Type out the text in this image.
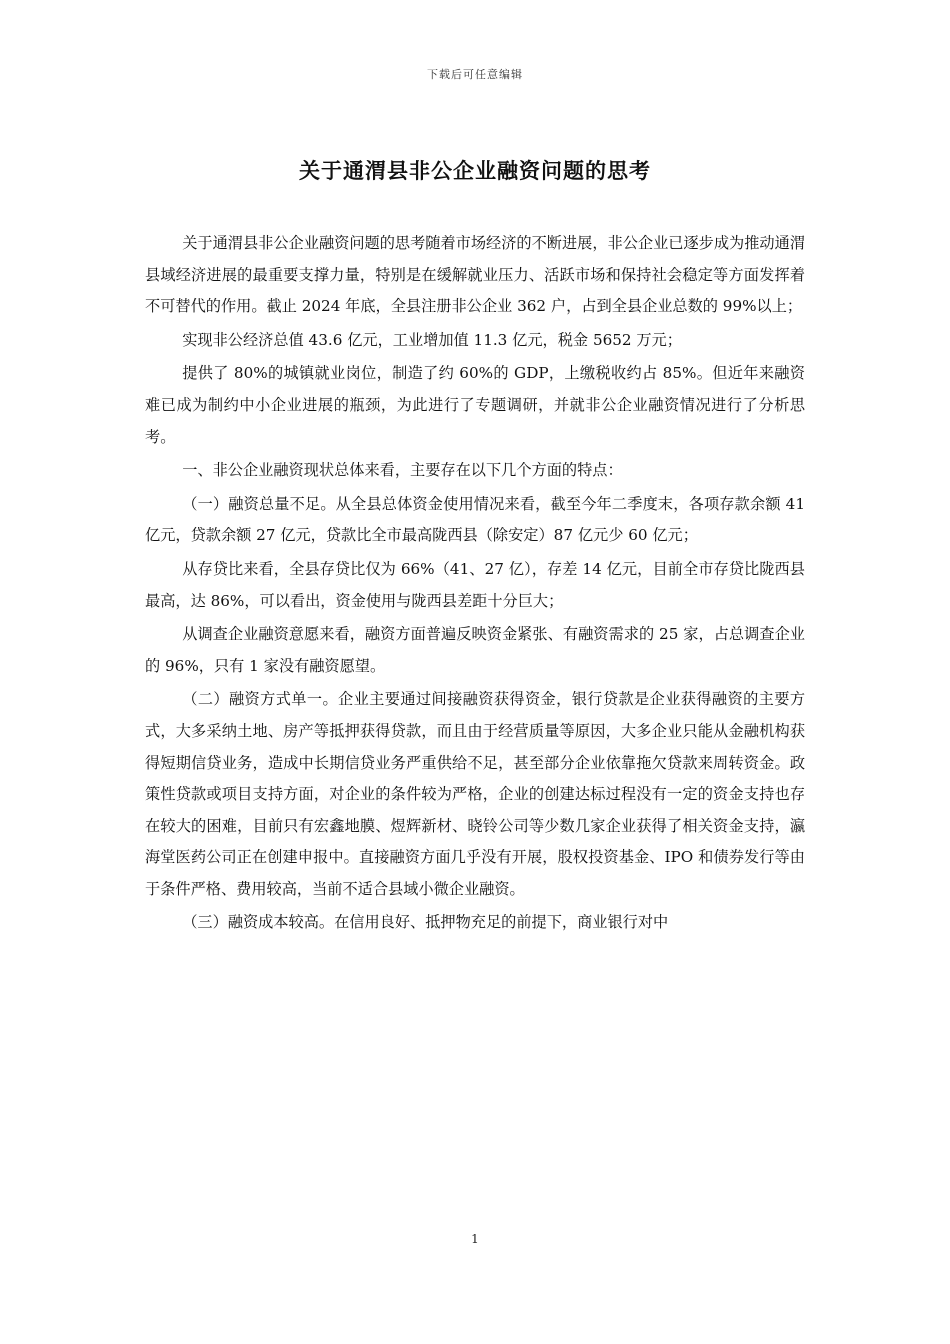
下载后可任意编辑
关于通渭县非公企业融资问题的思考

关于通渭县非公企业融资问题的思考随着市场经济的不断进展，非公企业已逐步成为推动通渭县域经济进展的最重要支撑力量，特别是在缓解就业压力、活跃市场和保持社会稳定等方面发挥着不可替代的作用。截止 2024 年底，全县注册非公企业 362 户，占到全县企业总数的 99%以上；

实现非公经济总值 43.6 亿元，工业增加值 11.3 亿元，税金 5652 万元；

提供了 80%的城镇就业岗位，制造了约 60%的 GDP，上缴税收约占 85%。但近年来融资难已成为制约中小企业进展的瓶颈，为此进行了专题调研，并就非公企业融资情况进行了分析思考。

一、非公企业融资现状总体来看，主要存在以下几个方面的特点：

（一）融资总量不足。从全县总体资金使用情况来看，截至今年二季度末，各项存款余额 41 亿元，贷款余额 27 亿元，贷款比全市最高陇西县（除安定）87 亿元少 60 亿元；

从存贷比来看，全县存贷比仅为 66%（41、27 亿），存差 14 亿元，目前全市存贷比陇西县最高，达 86%，可以看出，资金使用与陇西县差距十分巨大；

从调查企业融资意愿来看，融资方面普遍反映资金紧张、有融资需求的 25 家，占总调查企业的 96%，只有 1 家没有融资愿望。

（二）融资方式单一。企业主要通过间接融资获得资金，银行贷款是企业获得融资的主要方式，大多采纳土地、房产等抵押获得贷款，而且由于经营质量等原因，大多企业只能从金融机构获得短期信贷业务，造成中长期信贷业务严重供给不足，甚至部分企业依靠拖欠贷款来周转资金。政策性贷款或项目支持方面，对企业的条件较为严格，企业的创建达标过程没有一定的资金支持也存在较大的困难，目前只有宏鑫地膜、煜辉新材、晓铃公司等少数几家企业获得了相关资金支持，瀛海堂医药公司正在创建申报中。直接融资方面几乎没有开展，股权投资基金、IPO 和债券发行等由于条件严格、费用较高，当前不适合县域小微企业融资。

（三）融资成本较高。在信用良好、抵押物充足的前提下，商业银行对中

1
